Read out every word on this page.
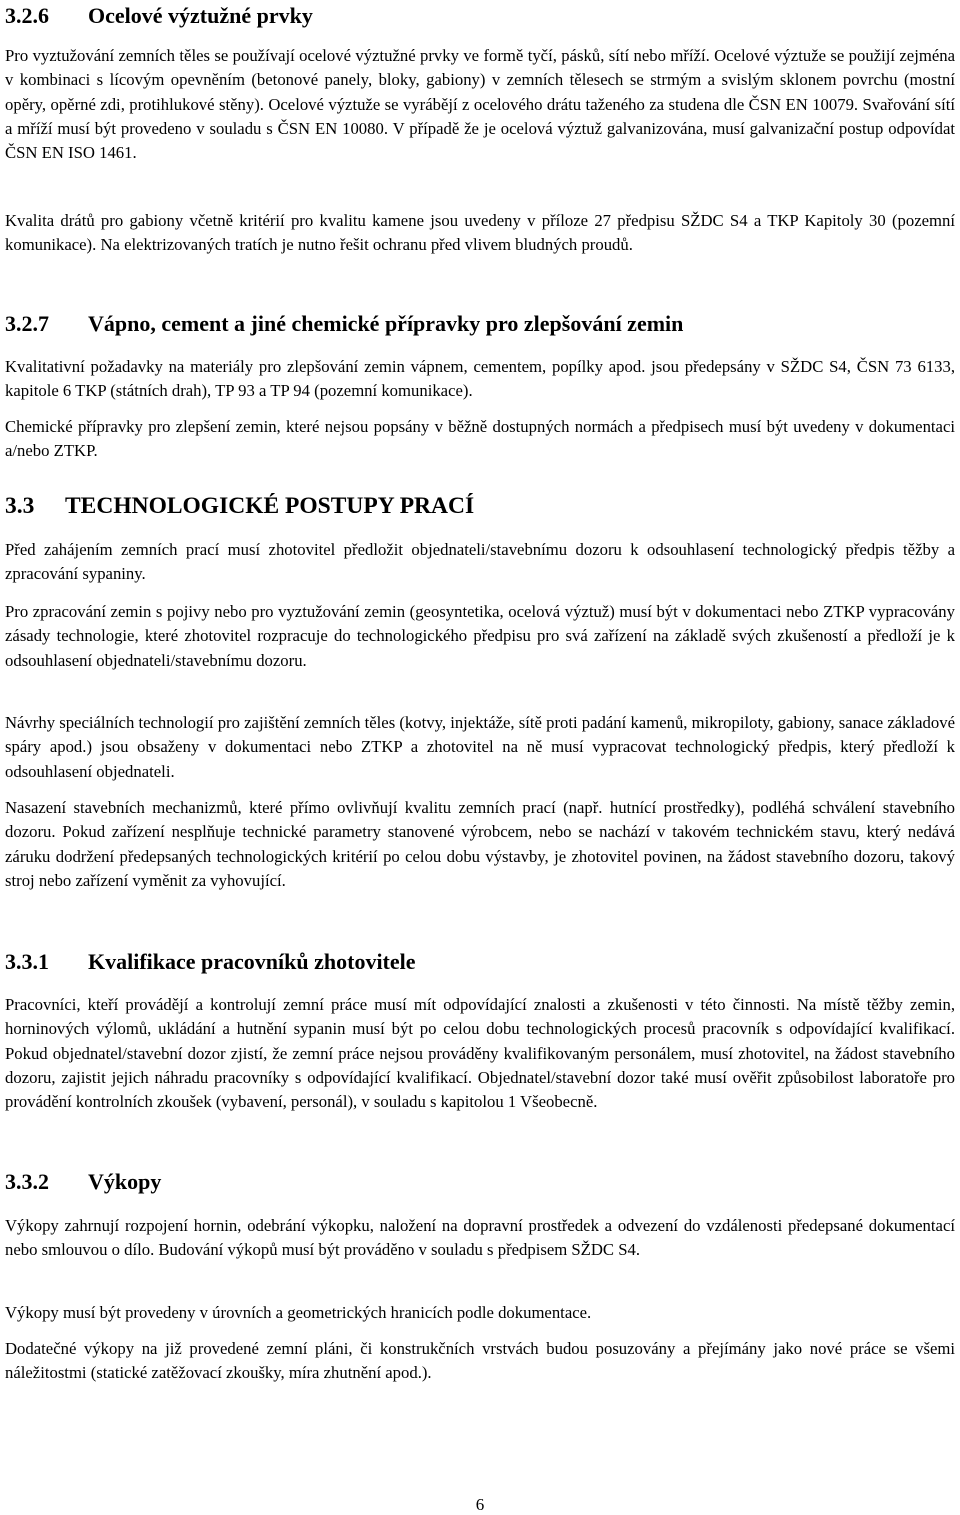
3.2.6	Ocelové výztužné prvky

Pro vyztužování zemních těles se používají ocelové výztužné prvky ve formě tyčí, pásků, sítí nebo mříží. Ocelové výztuže se použijí zejména v kombinaci s lícovým opevněním (betonové panely, bloky, gabiony) v zemních tělesech se strmým a svislým sklonem povrchu (mostní opěry, opěrné zdi, protihlukové stěny). Ocelové výztuže se vyrábějí z ocelového drátu taženého za studena dle ČSN EN 10079. Svařování sítí a mříží musí být provedeno v souladu s ČSN EN 10080. V případě že je ocelová výztuž galvanizována, musí galvanizační postup odpovídat ČSN EN ISO 1461.

Kvalita drátů pro gabiony včetně kritérií pro kvalitu kamene jsou uvedeny v příloze 27 předpisu SŽDC S4 a TKP Kapitoly 30 (pozemní komunikace). Na elektrizovaných tratích je nutno řešit ochranu před vlivem bludných proudů.

3.2.7	Vápno, cement a jiné chemické přípravky pro zlepšování zemin

Kvalitativní požadavky na materiály pro zlepšování zemin vápnem, cementem, popílky apod. jsou předepsány v SŽDC S4, ČSN 73 6133, kapitole 6 TKP (státních drah), TP 93 a TP 94 (pozemní komunikace).

Chemické přípravky pro zlepšení zemin, které nejsou popsány v běžně dostupných normách a předpisech musí být uvedeny v dokumentaci a/nebo ZTKP.

3.3	TECHNOLOGICKÉ POSTUPY PRACÍ

Před zahájením zemních prací musí zhotovitel předložit objednateli/stavebnímu dozoru k odsouhlasení technologický předpis těžby a zpracování sypaniny.

Pro zpracování zemin s pojivy nebo pro vyztužování zemin (geosyntetika, ocelová výztuž) musí být v dokumentaci nebo ZTKP vypracovány zásady technologie, které zhotovitel rozpracuje do technologického předpisu pro svá zařízení na základě svých zkušeností a předloží je k odsouhlasení objednateli/stavebnímu dozoru.

Návrhy speciálních technologií pro zajištění zemních těles (kotvy, injektáže, sítě proti padání kamenů, mikropiloty, gabiony, sanace základové spáry apod.) jsou obsaženy v dokumentaci nebo ZTKP a zhotovitel na ně musí vypracovat technologický předpis, který předloží k odsouhlasení objednateli.

Nasazení stavebních mechanizmů, které přímo ovlivňují kvalitu zemních prací (např. hutnící prostředky), podléhá schválení stavebního dozoru. Pokud zařízení nesplňuje technické parametry stanovené výrobcem, nebo se nachází v takovém technickém stavu, který nedává záruku dodržení předepsaných technologických kritérií po celou dobu výstavby, je zhotovitel povinen, na žádost stavebního dozoru, takový stroj nebo zařízení vyměnit za vyhovující.

3.3.1	Kvalifikace pracovníků zhotovitele

Pracovníci, kteří provádějí a kontrolují zemní práce musí mít odpovídající znalosti a zkušenosti v této činnosti. Na místě těžby zemin, horninových výlomů, ukládání a hutnění sypanin musí být po celou dobu technologických procesů pracovník s odpovídající kvalifikací. Pokud objednatel/stavební dozor zjistí, že zemní práce nejsou prováděny kvalifikovaným personálem, musí zhotovitel, na žádost stavebního dozoru, zajistit jejich náhradu pracovníky s odpovídající kvalifikací. Objednatel/stavební dozor také musí ověřit způsobilost laboratoře pro provádění kontrolních zkoušek (vybavení, personál), v souladu s kapitolou 1 Všeobecně.

3.3.2	Výkopy

Výkopy zahrnují rozpojení hornin, odebrání výkopku, naložení na dopravní prostředek a odvezení do vzdálenosti předepsané dokumentací nebo smlouvou o dílo. Budování výkopů musí být prováděno v souladu s předpisem SŽDC S4.

Výkopy musí být provedeny v úrovních a geometrických hranicích podle dokumentace.

Dodatečné výkopy na již provedené zemní pláni, či konstrukčních vrstvách budou posuzovány a přejímány jako nové práce se všemi náležitostmi (statické zatěžovací zkoušky, míra zhutnění apod.).

6
